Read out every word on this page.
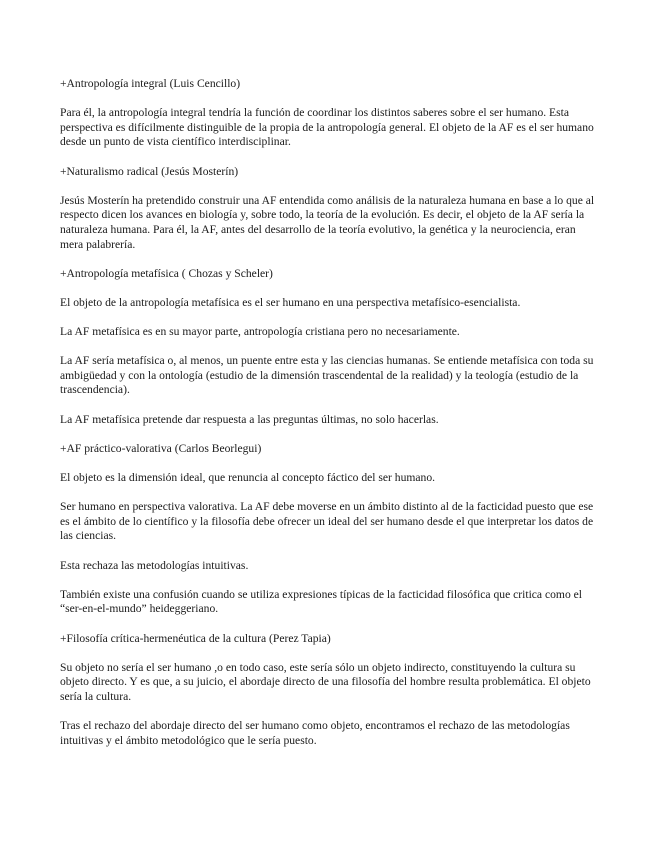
+Antropología integral (Luis Cencillo)
Para él, la antropología integral tendría la función de coordinar los distintos saberes sobre el ser humano. Esta perspectiva es difícilmente distinguible de la propia de la antropología general. El objeto de la AF es el ser humano desde un punto de vista científico interdisciplinar.
+Naturalismo radical (Jesús Mosterín)
Jesús Mosterín ha pretendido construir una AF entendida como análisis de la naturaleza humana en base a lo que al respecto dicen los avances en biología y, sobre todo, la teoría de la evolución. Es decir, el objeto de la AF sería la naturaleza humana. Para él, la AF, antes del desarrollo de la teoría evolutivo, la genética y la neurociencia, eran mera palabrería.
+Antropología metafísica ( Chozas y Scheler)
El objeto de la antropología metafísica es el ser humano en una perspectiva metafísico-esencialista.
La AF metafísica es en su mayor parte, antropología cristiana pero no necesariamente.
La AF sería metafísica o, al menos, un puente entre esta y las ciencias humanas. Se entiende metafísica con toda su ambigüedad y con la ontología (estudio de la dimensión trascendental de la realidad) y la teología (estudio de la trascendencia).
La AF metafísica pretende dar respuesta a las preguntas últimas, no solo hacerlas.
+AF práctico-valorativa (Carlos Beorlegui)
El objeto es la dimensión ideal, que renuncia al concepto fáctico del ser humano.
Ser humano en perspectiva valorativa. La AF debe moverse en un ámbito distinto al de la facticidad puesto que ese es el ámbito de lo científico y la filosofía debe ofrecer un ideal del ser humano desde el que interpretar los datos de las ciencias.
Esta rechaza las metodologías intuitivas.
También existe una confusión cuando se utiliza expresiones típicas de la facticidad filosófica que critica como el “ser-en-el-mundo” heideggeriano.
+Filosofía crítica-hermenéutica de la cultura (Perez Tapia)
Su objeto no sería el ser humano ,o en todo caso, este sería sólo un objeto indirecto, constituyendo la cultura su objeto directo. Y es que, a su juicio, el abordaje directo de una filosofía del hombre resulta problemática. El objeto sería la cultura.
Tras el rechazo del abordaje directo del ser humano como objeto, encontramos el rechazo de las metodologías intuitivas y el ámbito metodológico que le sería puesto.
